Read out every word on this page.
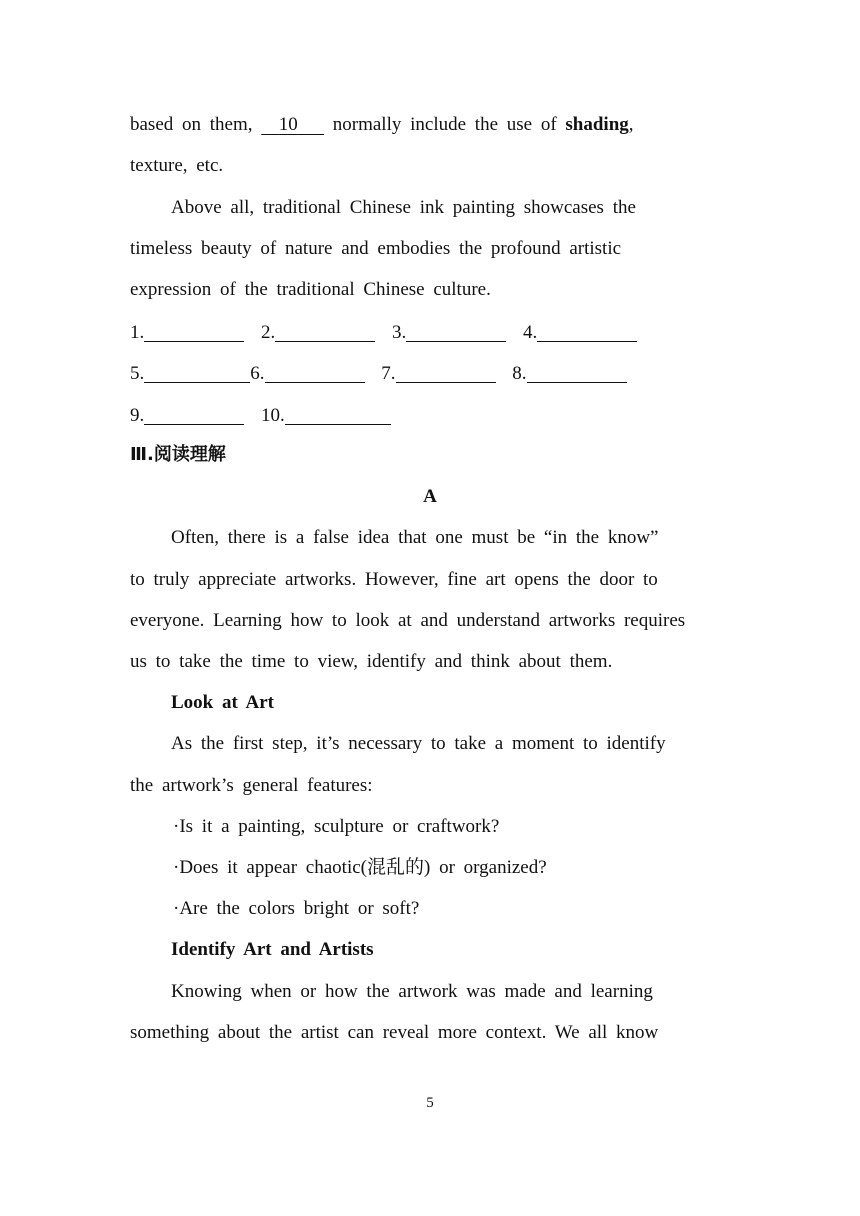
based on them,   10 normally include the use of shading,
texture, etc.
Above all, traditional Chinese ink painting showcases the
timeless beauty of nature and embodies the profound artistic
expression of the traditional Chinese culture.
1.	2.	3.	4.
5.	6.	7.	8.
9.	10.
Ⅲ.阅读理解
A
Often, there is a false idea that one must be “in the know”
to truly appreciate artworks. However, fine art opens the door to
everyone. Learning how to look at and understand artworks requires
us to take the time to view, identify and think about them.
Look at Art
As the first step, it’s necessary to take a moment to identify
the artwork’s general features:
·Is it a painting, sculpture or craftwork?
·Does it appear chaotic(混乱的) or organized?
·Are the colors bright or soft?
Identify Art and Artists
Knowing when or how the artwork was made and learning
something about the artist can reveal more context. We all know
5
